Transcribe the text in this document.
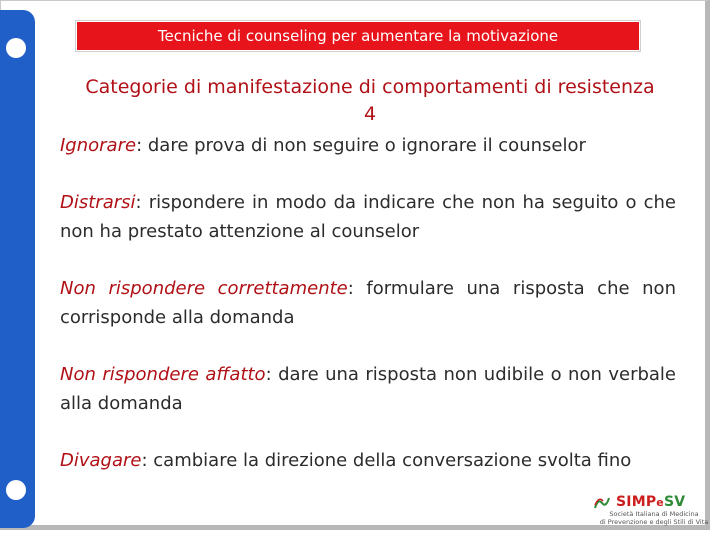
Tecniche di counseling per aumentare la motivazione
Categorie di manifestazione di comportamenti di resistenza
4

Ignorare: dare prova di non seguire o ignorare il counselor

Distrarsi: rispondere in modo da indicare che non ha seguito o che non ha prestato attenzione al counselor

Non rispondere correttamente: formulare una risposta che non corrisponde alla domanda

Non rispondere affatto: dare una risposta non udibile o non verbale alla domanda

Divagare: cambiare la direzione della conversazione svolta fino

SIMPeSV
Società Italiana di Medicina
di Prevenzione e degli Stili di Vita
